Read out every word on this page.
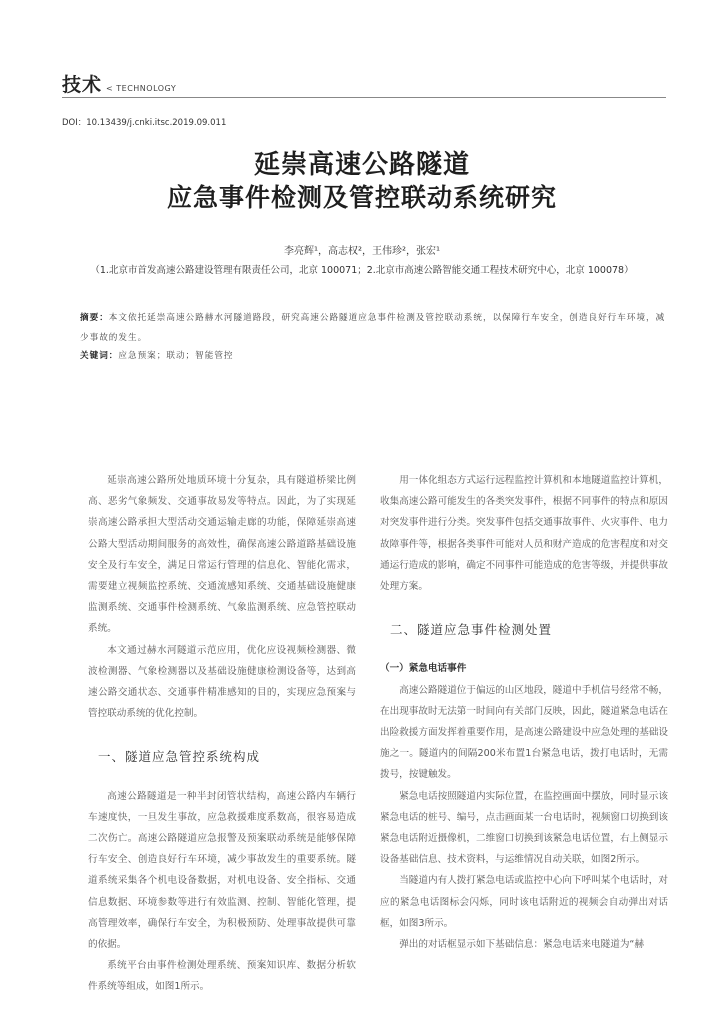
技术 < TECHNOLOGY
DOI：10.13439/j.cnki.itsc.2019.09.011
延崇高速公路隧道
应急事件检测及管控联动系统研究
李亮辉¹，高志权²，王伟珍²，张宏¹
（1.北京市首发高速公路建设管理有限责任公司，北京 100071；2.北京市高速公路智能交通工程技术研究中心，北京 100078）
摘要：本文依托延崇高速公路赫水河隧道路段，研究高速公路隧道应急事件检测及管控联动系统，以保障行车安全，创造良好行车环境，减少事故的发生。
关键词：应急预案；联动；智能管控

延崇高速公路所处地质环境十分复杂，具有隧道桥梁比例高、恶劣气象频发、交通事故易发等特点。因此，为了实现延崇高速公路承担大型活动交通运输走廊的功能，保障延崇高速公路大型活动期间服务的高效性，确保高速公路道路基础设施安全及行车安全，满足日常运行管理的信息化、智能化需求，需要建立视频监控系统、交通流感知系统、交通基础设施健康监测系统、交通事件检测系统、气象监测系统、应急管控联动系统。

本文通过赫水河隧道示范应用，优化应设视频检测器、微波检测器、气象检测器以及基础设施健康检测设备等，达到高速公路交通状态、交通事件精准感知的目的，实现应急预案与管控联动系统的优化控制。

一、隧道应急管控系统构成

高速公路隧道是一种半封闭管状结构，高速公路内车辆行车速度快，一旦发生事故，应急救援难度系数高，很容易造成二次伤亡。高速公路隧道应急报警及预案联动系统是能够保障行车安全、创造良好行车环境，减少事故发生的重要系统。隧道系统采集各个机电设备数据，对机电设备、安全指标、交通信息数据、环境参数等进行有效监测、控制、智能化管理，提高管理效率，确保行车安全，为积极预防、处理事故提供可靠的依据。

系统平台由事件检测处理系统、预案知识库、数据分析软件系统等组成，如图1所示。

用一体化组态方式运行远程监控计算机和本地隧道监控计算机，收集高速公路可能发生的各类突发事件，根据不同事件的特点和原因对突发事件进行分类。突发事件包括交通事故事件、火灾事件、电力故障事件等，根据各类事件可能对人员和财产造成的危害程度和对交通运行造成的影响，确定不同事件可能造成的危害等级，并提供事故处理方案。

二、隧道应急事件检测处置
（一）紧急电话事件

高速公路隧道位于偏远的山区地段，隧道中手机信号经常不畅，在出现事故时无法第一时间向有关部门反映，因此，隧道紧急电话在出险救援方面发挥着重要作用，是高速公路建设中应急处理的基础设施之一。隧道内的间隔200米布置1台紧急电话，拨打电话时，无需拨号，按键触发。

紧急电话按照隧道内实际位置，在监控画面中摆放，同时显示该紧急电话的桩号、编号，点击画面某一台电话时，视频窗口切换到该紧急电话附近摄像机，二维窗口切换到该紧急电话位置，右上侧显示设备基础信息、技术资料，与运维情况自动关联，如图2所示。

当隧道内有人拨打紧急电话或监控中心向下呼叫某个电话时，对应的紧急电话图标会闪烁，同时该电话附近的视频会自动弹出对话框，如图3所示。

弹出的对话框显示如下基础信息：紧急电话来电隧道为“赫
